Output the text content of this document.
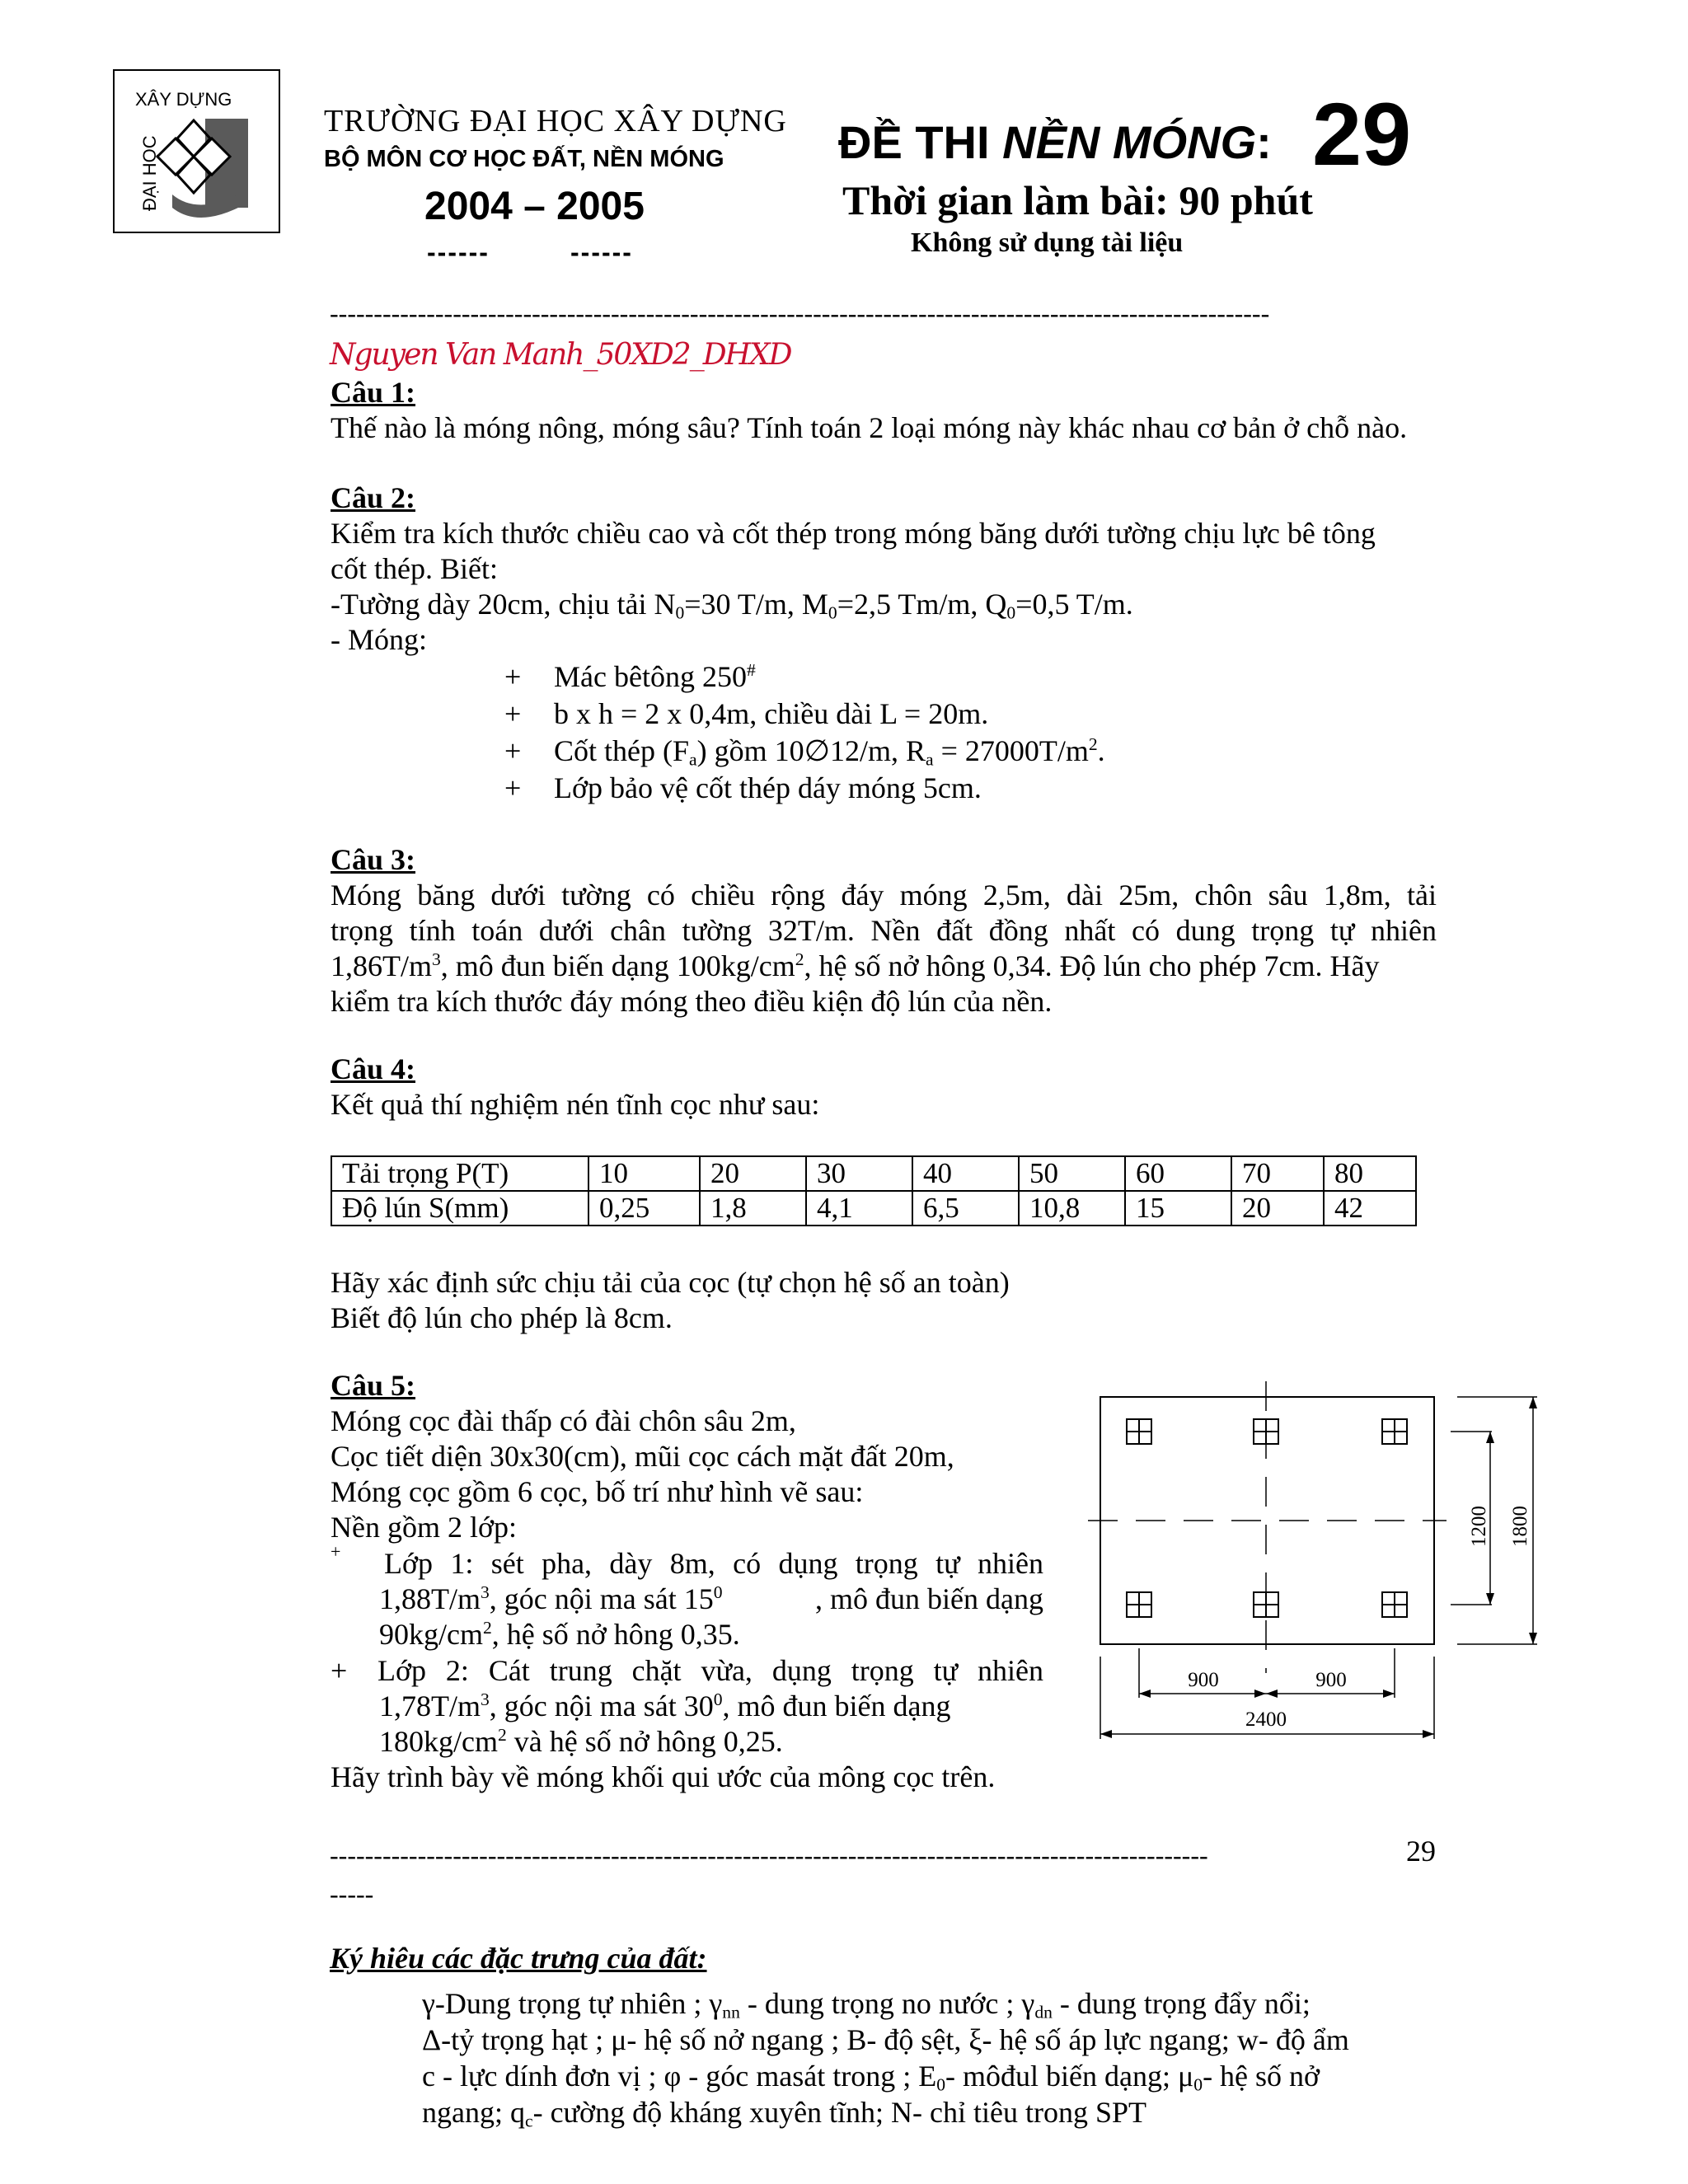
XÂY DỰNG
ĐẠI HỌC
TRƯỜNG ĐẠI HỌC XÂY DỰNG
BỘ MÔN CƠ HỌC ĐẤT, NỀN MÓNG
2004 – 2005
------	------
ĐỀ THI NỀN MÓNG: 29
Thời gian làm bài: 90 phút
Không sử dụng tài liệu
-----------------------------------------------------------------------------------------------------------
Nguyen Van Manh_50XD2_DHXD
Câu 1:
Thế nào là móng nông, móng sâu? Tính toán 2 loại móng này khác nhau cơ bản ở chỗ nào.
Câu 2:
Kiểm tra kích thước chiều cao và cốt thép trong móng băng dưới tường chịu lực bê tông
cốt thép. Biết:
-Tường dày 20cm, chịu tải $N_0=30$ T/m, $M_0=2,5$ Tm/m, $Q_0=0,5$ T/m.
- Móng:
+ Mác bêtông 250#
+ b x h = 2 x 0,4m, chiều dài L = 20m.
+ Cốt thép $(F_a)$ gồm 10∅12/m, $R_a = 27000T/m^2$.
+ Lớp bảo vệ cốt thép dáy móng 5cm.
Câu 3:
Móng băng dưới tường có chiều rộng đáy móng 2,5m, dài 25m, chôn sâu 1,8m, tải
trọng tính toán dưới chân tường 32T/m. Nền đất đồng nhất có dung trọng tự nhiên
$1,86T/m^3$, mô đun biến dạng $100kg/cm^2$, hệ số nở hông 0,34. Độ lún cho phép 7cm. Hãy
kiểm tra kích thước đáy móng theo điều kiện độ lún của nền.
Câu 4:
Kết quả thí nghiệm nén tĩnh cọc như sau:
Tải trọng P(T)	10	20	30	40	50	60	70	80
Độ lún S(mm)	0,25	1,8	4,1	6,5	10,8	15	20	42
Hãy xác định sức chịu tải của cọc (tự chọn hệ số an toàn)
Biết độ lún cho phép là 8cm.
Câu 5:
Móng cọc đài thấp có đài chôn sâu 2m,
Cọc tiết diện 30x30(cm), mũi cọc cách mặt đất 20m,
Móng cọc gồm 6 cọc, bố trí như hình vẽ sau:
Nền gồm 2 lớp:
+ Lớp 1: sét pha, dày 8m, có dụng trọng tự nhiên
$1,88T/m^3$, góc nội ma sát $15^0$	, mô đun biến dạng
$90kg/cm^2$, hệ số nở hông 0,35.
+ Lớp 2: Cát trung chặt vừa, dụng trọng tự nhiên
$1,78T/m^3$, góc nội ma sát $30^0$, mô đun biến dạng
$180kg/cm^2$ và hệ số nở hông 0,25.
Hãy trình bày về móng khối qui ước của mông cọc trên.
1200 1800
900	900
2400
----------------------------------------------------------------------------------------------------
-----
29
Ký hiêu các đặc trưng của đất:
γ-Dung trọng tự nhiên ; $\gamma_{nn}$ - dung trọng no nước ; $\gamma_{dn}$ - dung trọng đẩy nổi;
Δ-tỷ trọng hạt ; μ- hệ số nở ngang ; B- độ sệt, ξ- hệ số áp lực ngang; w- độ ẩm
c - lực dính đơn vị ; φ - góc masát trong ; $E_0-$ môđul biến dạng; $\mu_0-$ hệ số nở
ngang; $q_c-$ cường độ kháng xuyên tĩnh; N- chỉ tiêu trong SPT
